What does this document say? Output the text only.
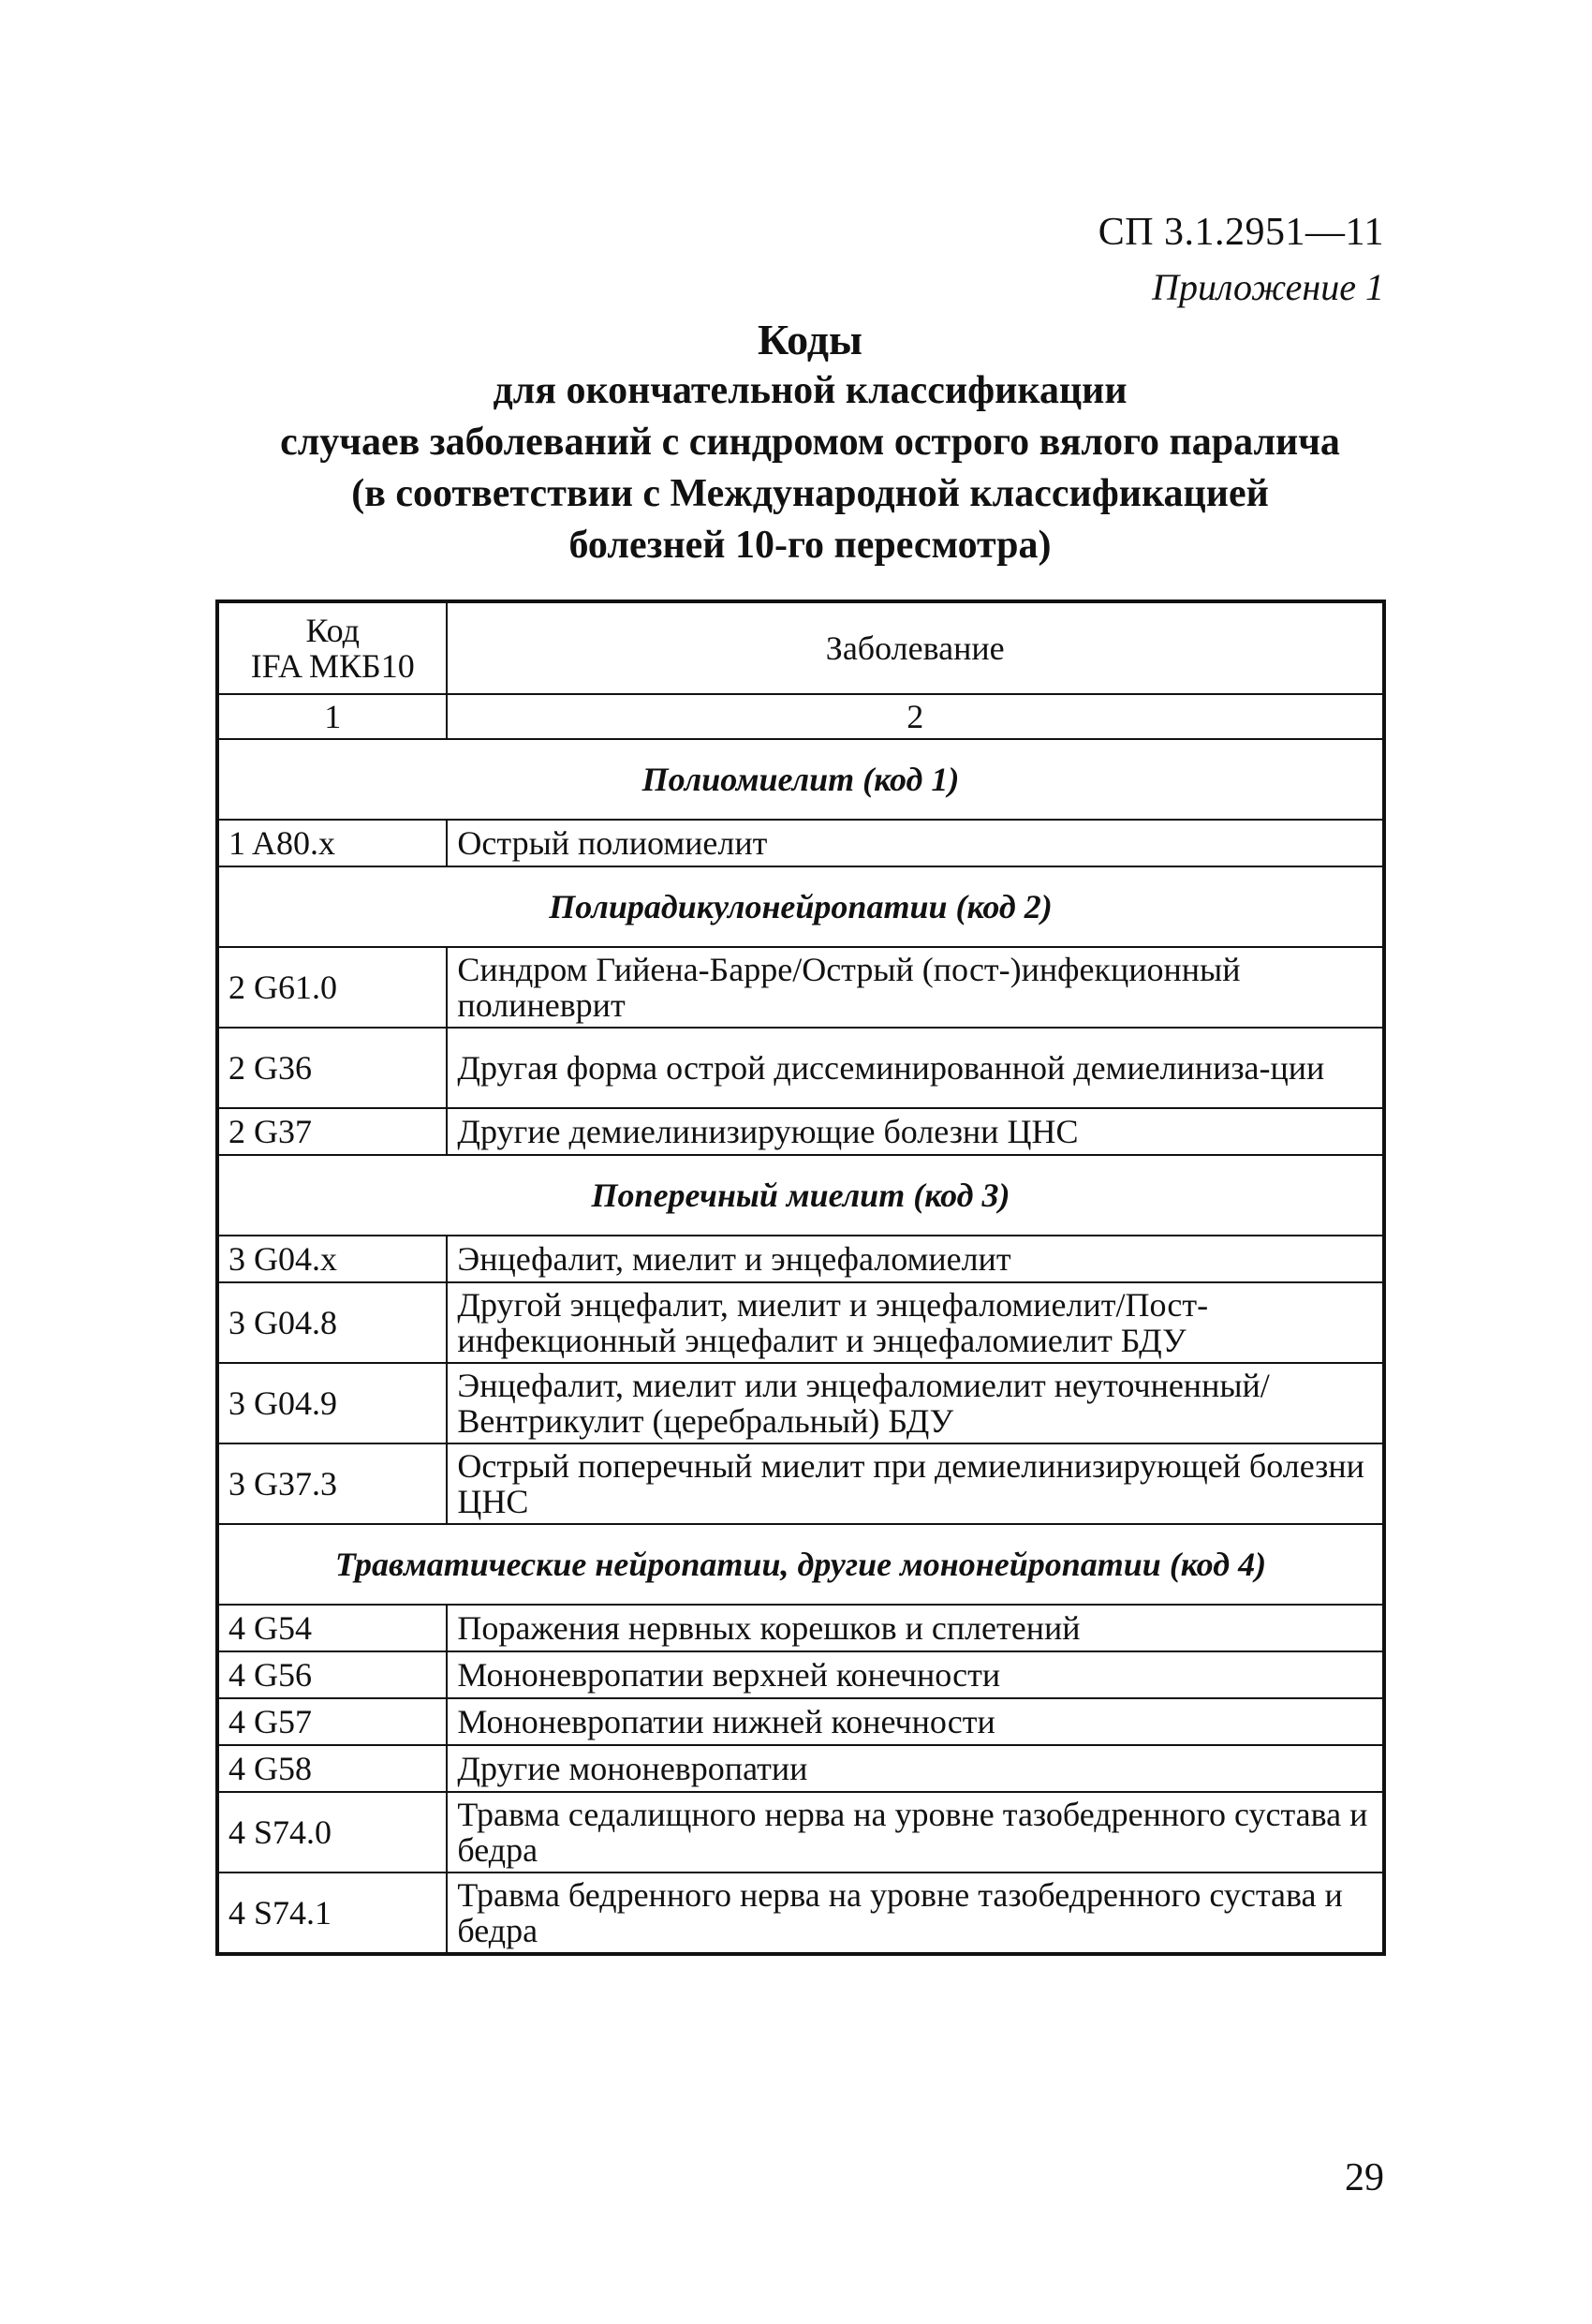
СП 3.1.2951—11
Приложение 1
Коды
для окончательной классификации
случаев заболеваний с синдромом острого вялого паралича
(в соответствии с Международной классификацией
болезней 10-го пересмотра)
Код
IFA МКБ10	Заболевание
1	2
Полиомиелит (код 1)	
1 A80.x	Острый полиомиелит
Полирадикулонейропатии (код 2)	
2 G61.0	Синдром Гийена-Барре/Острый (пост-)инфекционный полиневрит
2 G36	Другая форма острой диссеминированной демиелиниза-ции
2 G37	Другие демиелинизирующие болезни ЦНС
Поперечный миелит (код 3)	
3 G04.x	Энцефалит, миелит и энцефаломиелит
3 G04.8	Другой энцефалит, миелит и энцефаломиелит/Пост-инфекционный энцефалит и энцефаломиелит БДУ
3 G04.9	Энцефалит, миелит или энцефаломиелит неуточненный/ Вентрикулит (церебральный) БДУ
3 G37.3	Острый поперечный миелит при демиелинизирующей болезни ЦНС
Травматические нейропатии, другие мононейропатии (код 4)	
4 G54	Поражения нервных корешков и сплетений
4 G56	Мононевропатии верхней конечности
4 G57	Мононевропатии нижней конечности
4 G58	Другие мононевропатии
4 S74.0	Травма седалищного нерва на уровне тазобедренного сустава и бедра
4 S74.1	Травма бедренного нерва на уровне тазобедренного сустава и бедра
29
